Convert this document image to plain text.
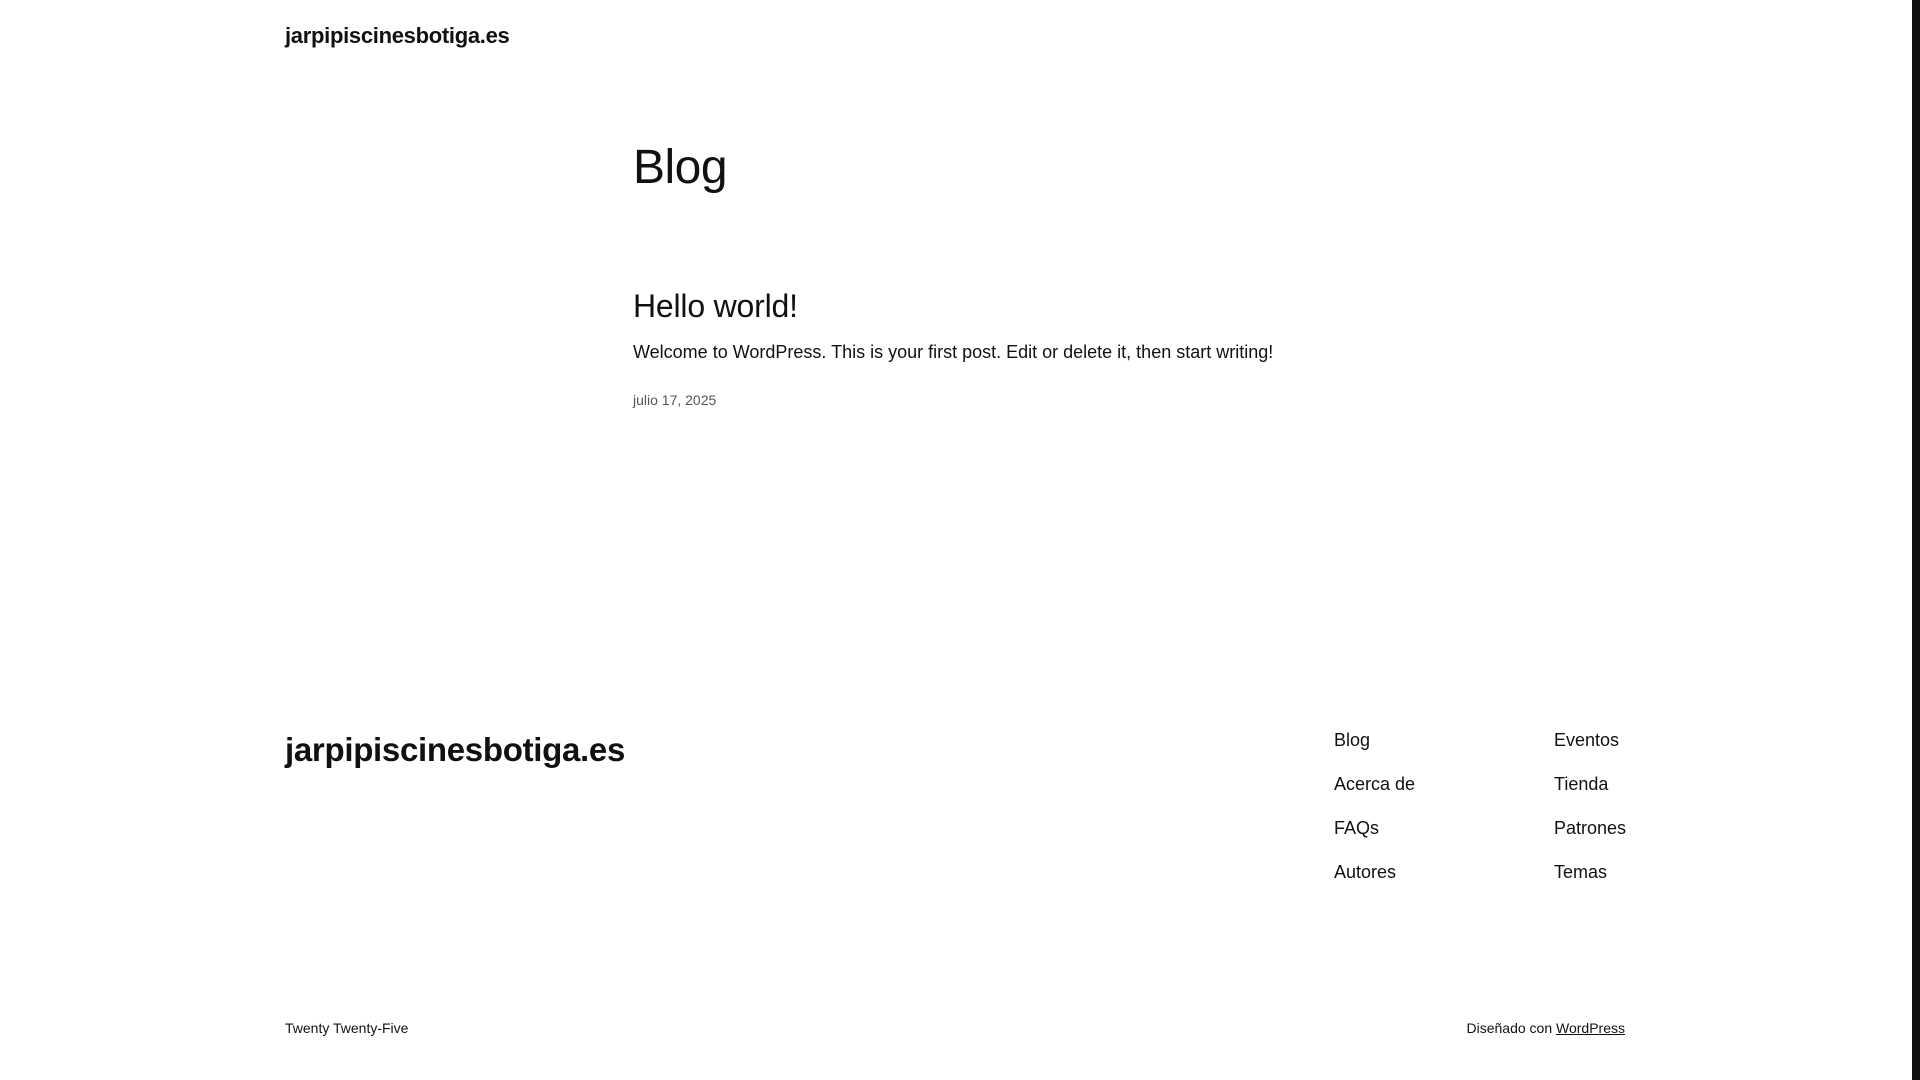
jarpipiscinesbotiga.es
Blog
Hello world!

Welcome to WordPress. This is your first post. Edit or delete it, then start writing!

julio 17, 2025
jarpipiscinesbotiga.es	Blog
Acerca de
FAQs
Autores
Eventos
Tienda
Patrones
Temas
Twenty Twenty-Five	Diseñado con WordPress
